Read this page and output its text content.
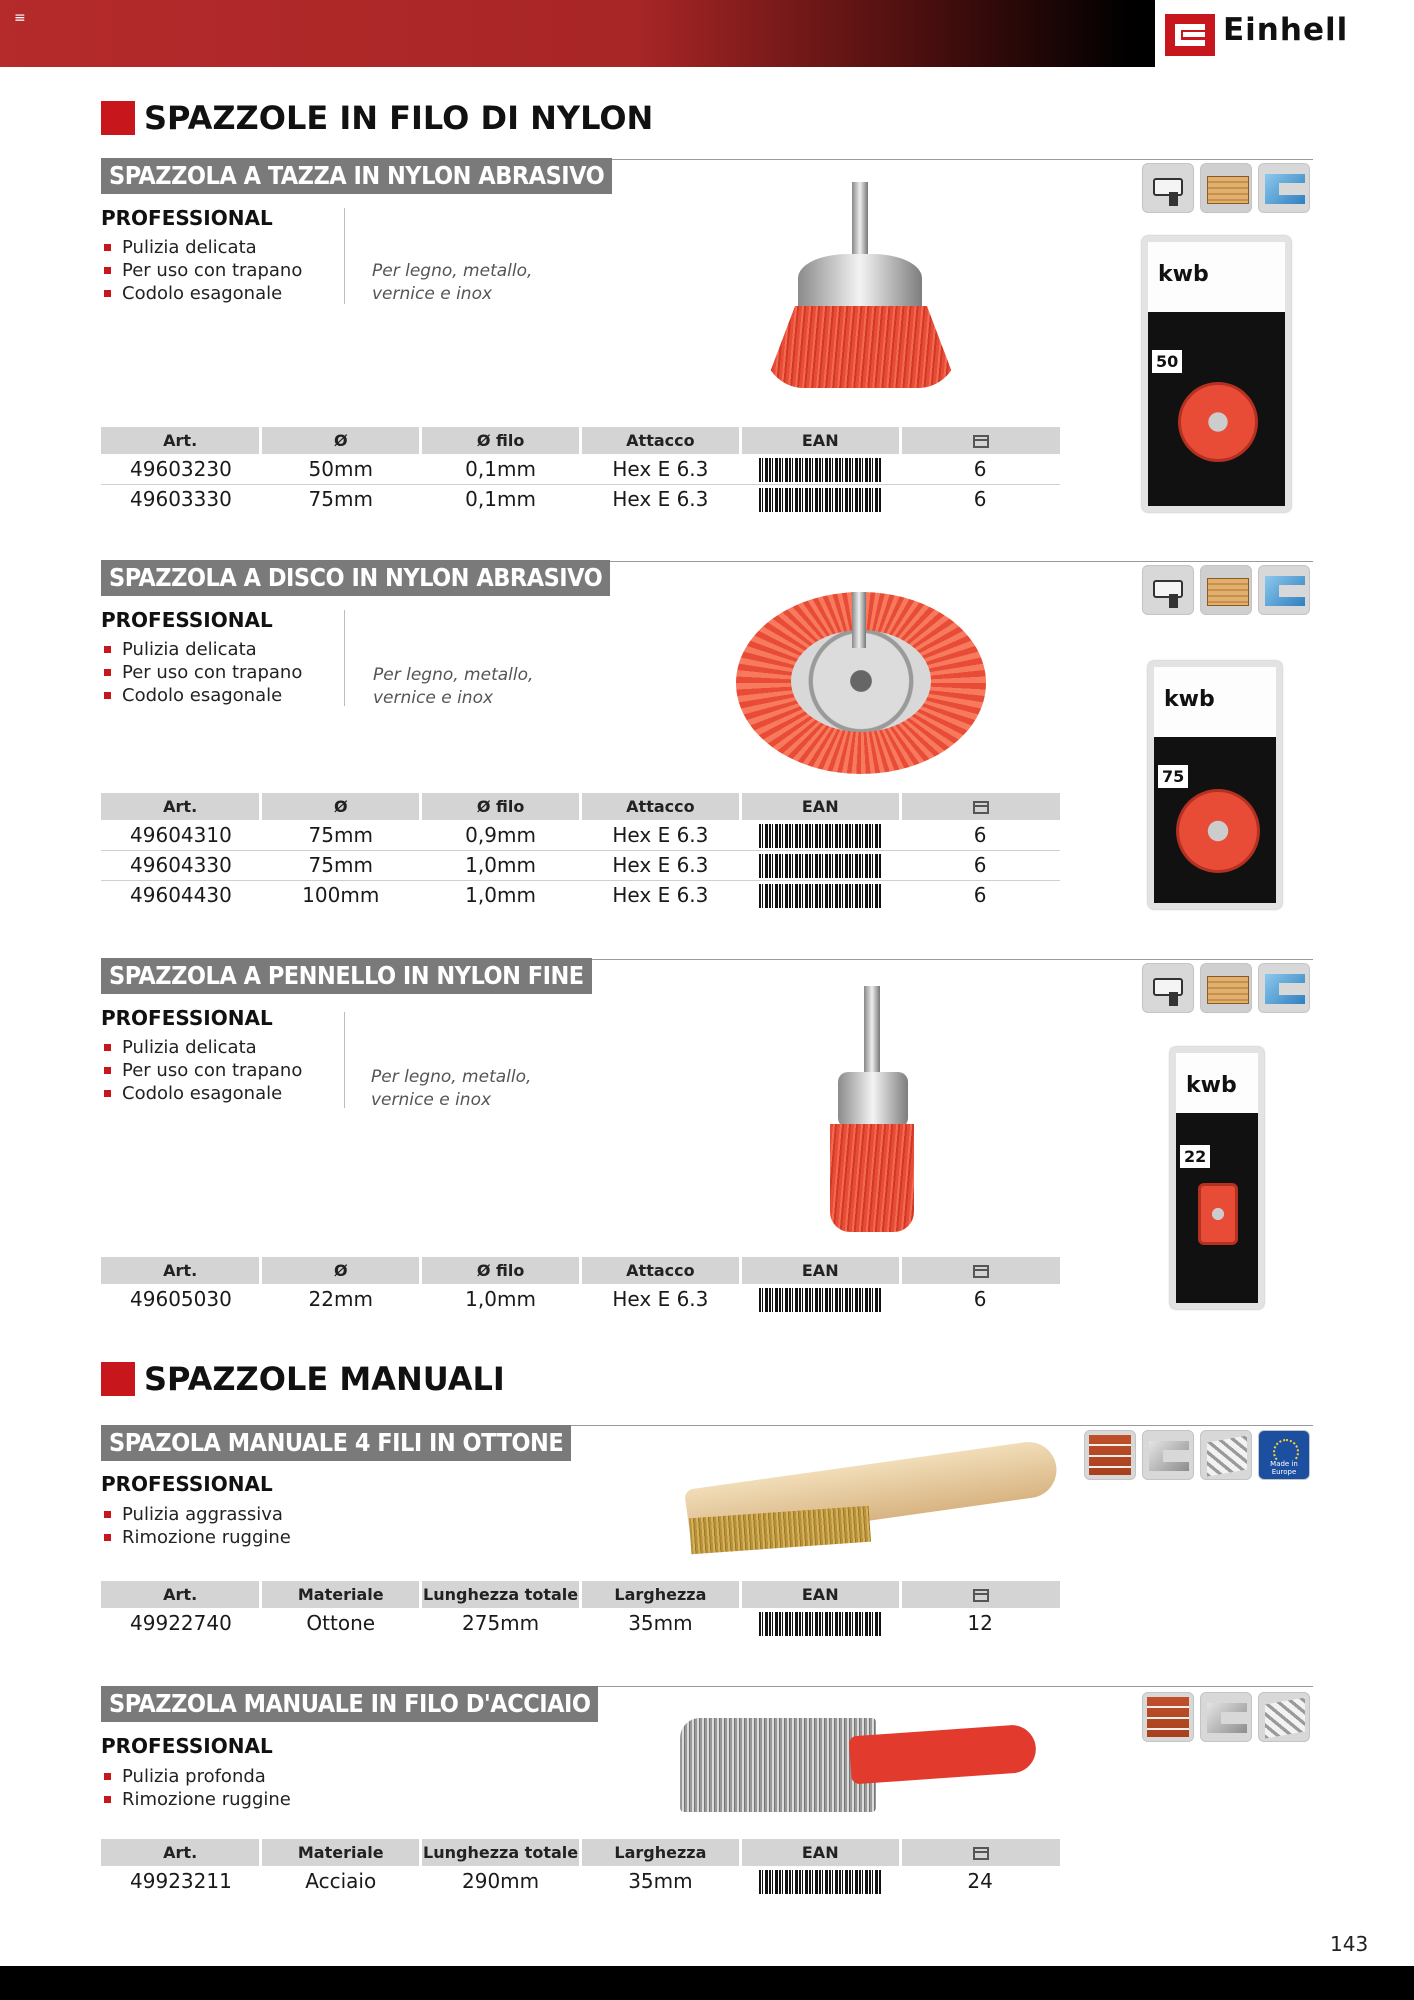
≡	Einhell
SPAZZOLE IN FILO DI NYLON
SPAZZOLA A TAZZA IN NYLON ABRASIVO
PROFESSIONAL
Pulizia delicata
Per uso con trapano
Codolo esagonale
Per legno, metallo,
vernice e inox
kwb
50
Art.	Ø	Ø filo	Attacco	EAN	
49603230	50mm	0,1mm	Hex E 6.3		6
49603330	75mm	0,1mm	Hex E 6.3		6
SPAZZOLA A DISCO IN NYLON ABRASIVO
PROFESSIONAL
Pulizia delicata
Per uso con trapano
Codolo esagonale
Per legno, metallo,
vernice e inox	kwb
75
Art.	Ø	Ø filo	Attacco	EAN	
49604310	75mm	0,9mm	Hex E 6.3		6
49604330	75mm	1,0mm	Hex E 6.3		6
49604430	100mm	1,0mm	Hex E 6.3		6
SPAZZOLA A PENNELLO IN NYLON FINE
PROFESSIONAL
Pulizia delicata
Per uso con trapano
Codolo esagonale
Per legno, metallo,
vernice e inox
kwb
22
Art.	Ø	Ø filo	Attacco	EAN	
49605030	22mm	1,0mm	Hex E 6.3		6
SPAZZOLE MANUALI
SPAZOLA MANUALE 4 FILI IN OTTONE
PROFESSIONAL
Pulizia aggrassiva
Rimozione ruggine
Made in Europe
Art.	Materiale	Lunghezza totale	Larghezza	EAN	
49922740	Ottone	275mm	35mm		12
SPAZZOLA MANUALE IN FILO D'ACCIAIO
PROFESSIONAL
Pulizia profonda
Rimozione ruggine
Art.	Materiale	Lunghezza totale	Larghezza	EAN	
49923211	Acciaio	290mm	35mm		24
143
